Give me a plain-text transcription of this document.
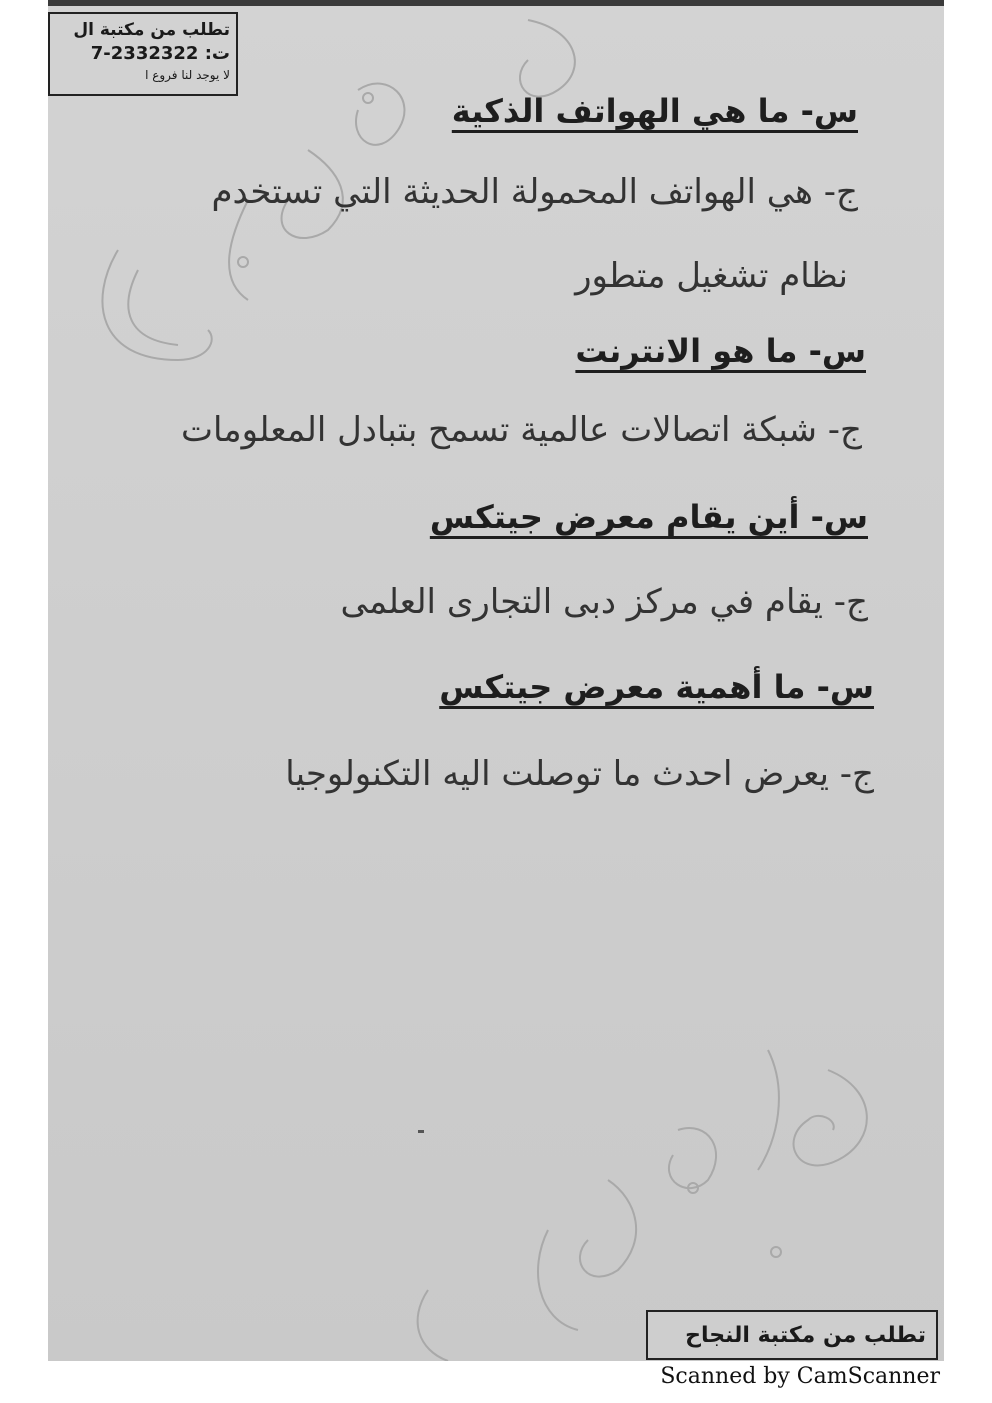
تطلب من مكتبة ال
ت: 2332322-7
لا يوجد لنا فروع ا
س- ما هي الهواتف الذكية
ج- هي الهواتف المحمولة الحديثة التي تستخدم
نظام تشغيل متطور
س- ما هو الانترنت
ج- شبكة اتصالات عالمية تسمح بتبادل المعلومات
س- أين يقام معرض جيتكس
ج- يقام في مركز دبى التجارى العلمى
س- ما أهمية معرض جيتكس
ج- يعرض احدث ما توصلت اليه التكنولوجيا
تطلب من مكتبة النجاح
Scanned by CamScanner
